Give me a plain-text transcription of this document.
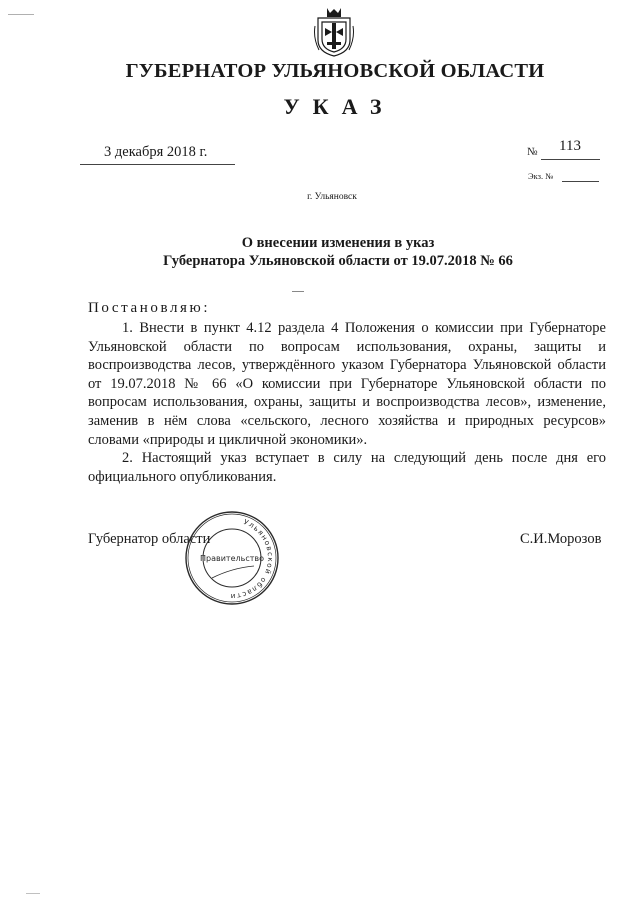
ГУБЕРНАТОР УЛЬЯНОВСКОЙ ОБЛАСТИ
УКАЗ
3 декабря 2018 г.	№ 113
Экз. №
г. Ульяновск
О внесении изменения в указ
Губернатора Ульяновской области от 19.07.2018 № 66
Постановляю:

1. Внести в пункт 4.12 раздела 4 Положения о комиссии при Губернаторе Ульяновской области по вопросам использования, охраны, защиты и воспроизводства лесов, утверждённого указом Губернатора Ульяновской области от 19.07.2018 № 66 «О комиссии при Губернаторе Ульяновской области по вопросам использования, охраны, защиты и воспроизводства лесов», изменение, заменив в нём слова «сельского, лесного хозяйства и природных ресурсов» словами «природы и цикличной экономики».

2. Настоящий указ вступает в силу на следующий день после дня его официального опубликования.

Губернатор области	С.И.Морозов
Ульяновской области
Правительство
